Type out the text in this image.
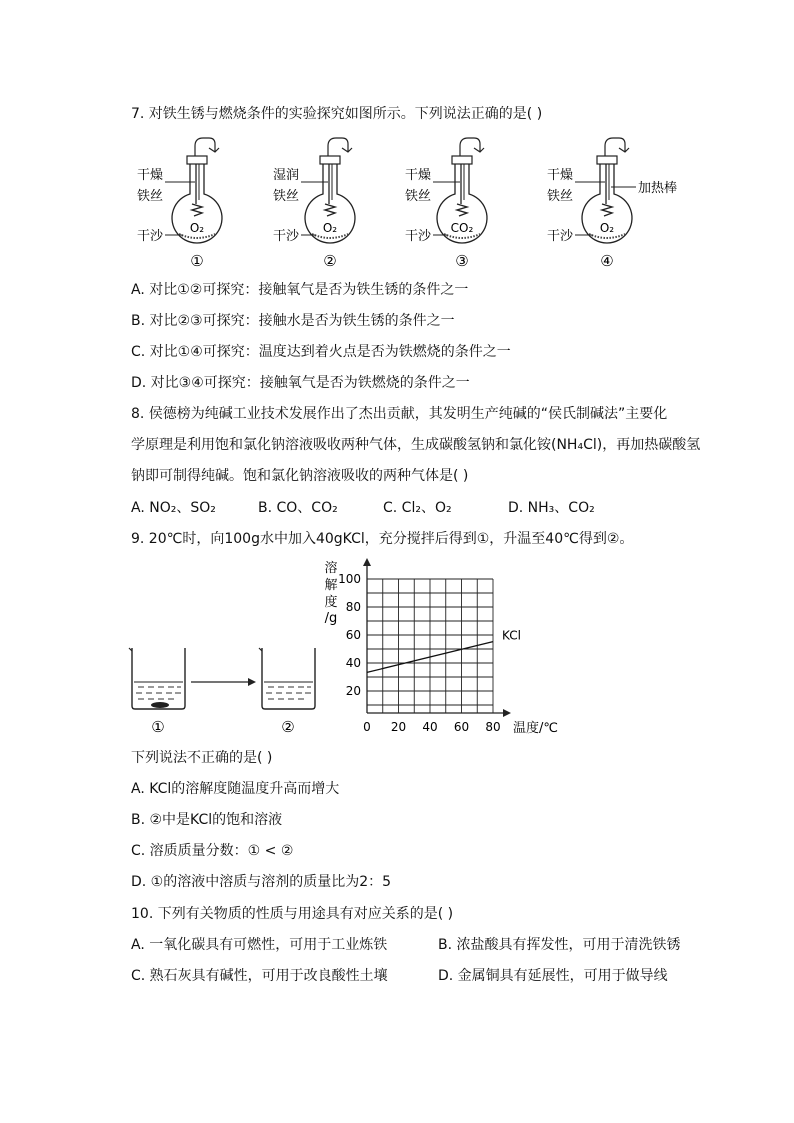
7. 对铁生锈与燃烧条件的实验探究如图所示。下列说法正确的是( )
O₂
干燥
铁丝
干沙
①
O₂
湿润
铁丝
干沙
②
CO₂
干燥
铁丝
干沙
③
O₂
干燥
铁丝
干沙
加热棒
④
A. 对比①②可探究：接触氧气是否为铁生锈的条件之一
B. 对比②③可探究：接触水是否为铁生锈的条件之一
C. 对比①④可探究：温度达到着火点是否为铁燃烧的条件之一
D. 对比③④可探究：接触氧气是否为铁燃烧的条件之一
8. 侯德榜为纯碱工业技术发展作出了杰出贡献，其发明生产纯碱的“侯氏制碱法”主要化
学原理是利用饱和氯化钠溶液吸收两种气体，生成碳酸氢钠和氯化铵(NH₄Cl)，再加热碳酸氢
钠即可制得纯碱。饱和氯化钠溶液吸收的两种气体是( )
A. NO₂、SO₂	B. CO、CO₂	C. Cl₂、O₂	D. NH₃、CO₂
9. 20℃时，向100g水中加入40gKCl，充分搅拌后得到①，升温至40℃得到②。
①	②	0 20 40 60 80
20
40
60
80
100
KCl
溶
解
度
/g
温度/℃
下列说法不正确的是( )
A. KCl的溶解度随温度升高而增大
B. ②中是KCl的饱和溶液
C. 溶质质量分数：① < ②
D. ①的溶液中溶质与溶剂的质量比为2：5
10. 下列有关物质的性质与用途具有对应关系的是( )
A. 一氧化碳具有可燃性，可用于工业炼铁	B. 浓盐酸具有挥发性，可用于清洗铁锈
C. 熟石灰具有碱性，可用于改良酸性土壤	D. 金属铜具有延展性，可用于做导线
